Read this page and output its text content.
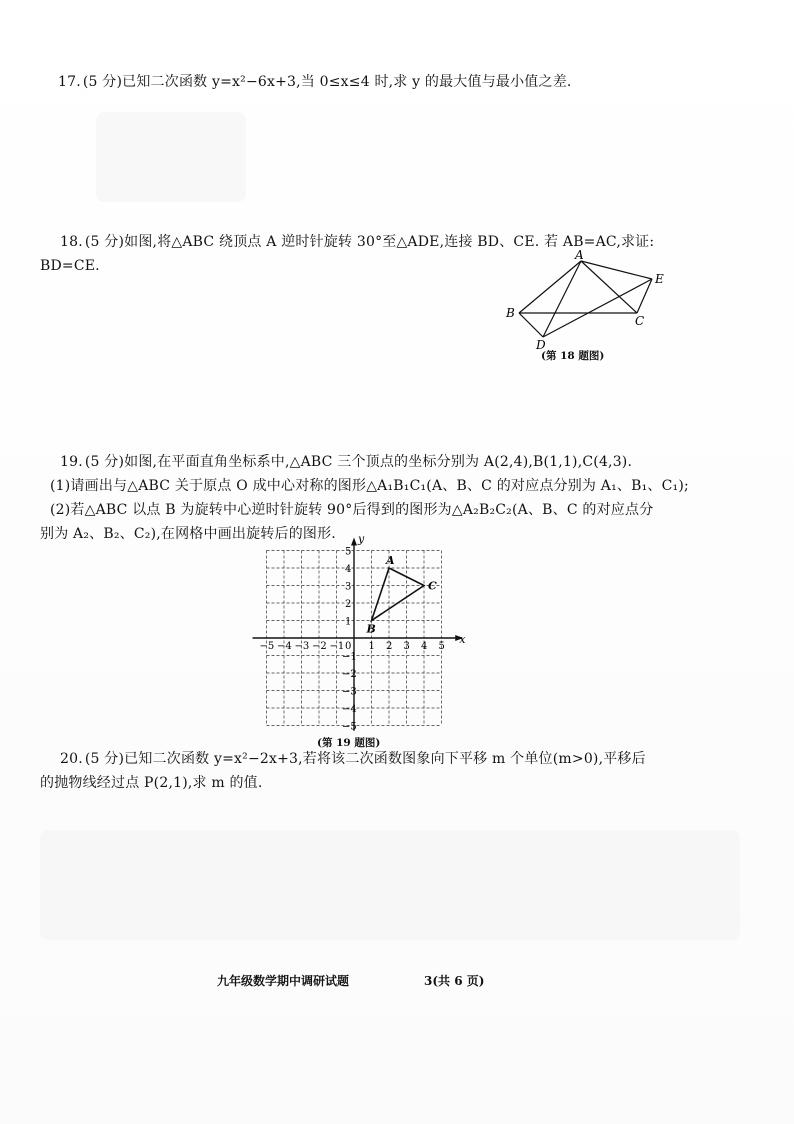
17. (5 分)已知二次函数 y=x²−6x+3,当 0≤x≤4 时,求 y 的最大值与最小值之差.
18. (5 分)如图,将△ABC 绕顶点 A 逆时针旋转 30°至△ADE,连接 BD、CE. 若 AB=AC,求证:
BD=CE.
A
E
B
C
D
(第 18 题图)
19. (5 分)如图,在平面直角坐标系中,△ABC 三个顶点的坐标分别为 A(2,4),B(1,1),C(4,3).
(1)请画出与△ABC 关于原点 O 成中心对称的图形△A₁B₁C₁(A、B、C 的对应点分别为 A₁、B₁、C₁);
(2)若△ABC 以点 B 为旋转中心逆时针旋转 90°后得到的图形为△A₂B₂C₂(A、B、C 的对应点分
别为 A₂、B₂、C₂),在网格中画出旋转后的图形.
x
y
−5 −4 −3 −2 −1 0 1 2 3 4 5
5
4
3
2
1
−1
−2
−3
−4
−5
A
B
C
(第 19 题图)
20. (5 分)已知二次函数 y=x²−2x+3,若将该二次函数图象向下平移 m 个单位(m>0),平移后
的抛物线经过点 P(2,1),求 m 的值.
九年级数学期中调研试题	3(共 6 页)
